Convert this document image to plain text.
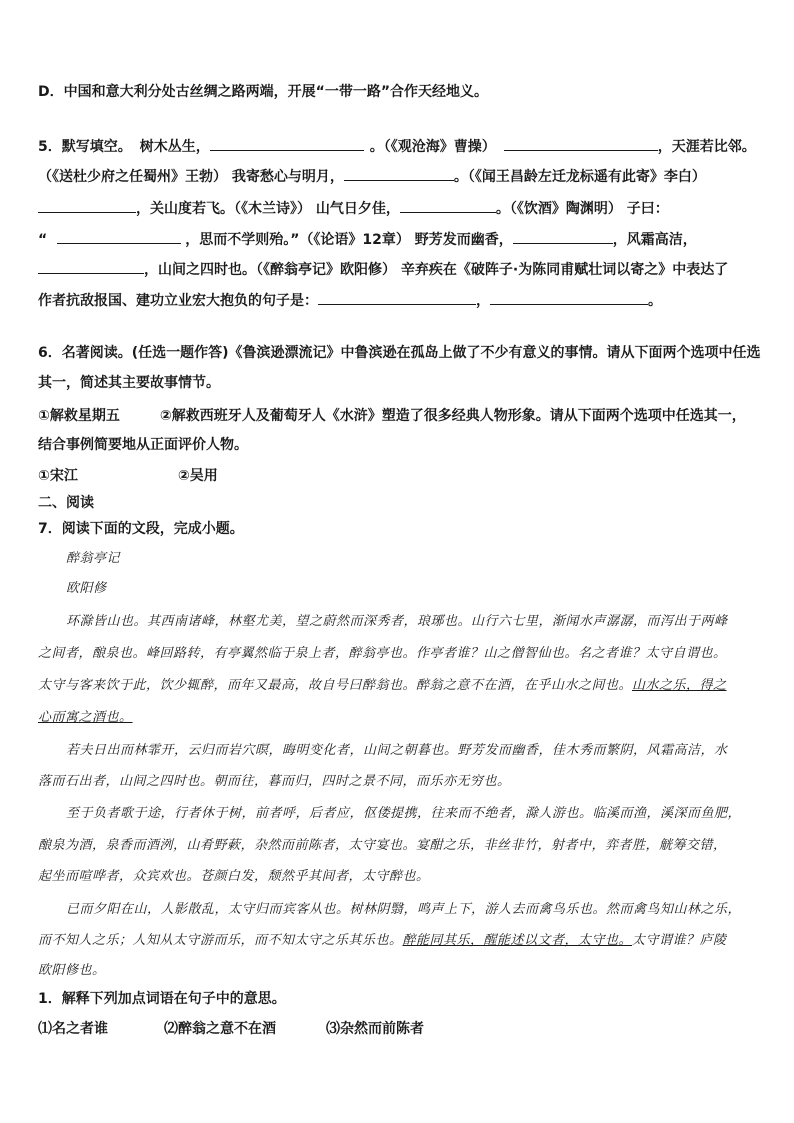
D．中国和意大利分处古丝绸之路两端，开展“一带一路”合作天经地义。
5．默写填空。 树木丛生，	。（《观沧海》曹操）	，天涯若比邻。
（《送杜少府之任蜀州》王勃） 我寄愁心与明月，	。（《闻王昌龄左迁龙标遥有此寄》李白）
，关山度若飞。（《木兰诗》） 山气日夕佳，	。（《饮酒》陶渊明） 子曰：
“	，思而不学则殆。”（《论语》12章） 野芳发而幽香，	，风霜高洁，
，山间之四时也。（《醉翁亭记》欧阳修） 辛弃疾在《破阵子·为陈同甫赋壮词以寄之》中表达了
作者抗敌报国、建功立业宏大抱负的句子是：	，	。
6．名著阅读。(任选一题作答)《鲁滨逊漂流记》中鲁滨逊在孤岛上做了不少有意义的事情。请从下面两个选项中任选
其一，简述其主要故事情节。
①解救星期五	②解救西班牙人及葡萄牙人《水浒》塑造了很多经典人物形象。请从下面两个选项中任选其一，
结合事例简要地从正面评价人物。
①宋江	②吴用
二、阅读
7．阅读下面的文段，完成小题。
醉翁亭记
欧阳修
环滁皆山也。其西南诸峰，林壑尤美，望之蔚然而深秀者，琅琊也。山行六七里，渐闻水声潺潺，而泻出于两峰
之间者，酿泉也。峰回路转，有亭翼然临于泉上者，醉翁亭也。作亭者谁？山之僧智仙也。名之者谁？太守自谓也。
太守与客来饮于此，饮少辄醉，而年又最高，故自号曰醉翁也。醉翁之意不在酒，在乎山水之间也。山水之乐，得之
心而寓之酒也。
若夫日出而林霏开，云归而岩穴暝，晦明变化者，山间之朝暮也。野芳发而幽香，佳木秀而繁阴，风霜高洁，水
落而石出者，山间之四时也。朝而往，暮而归，四时之景不同，而乐亦无穷也。
至于负者歌于途，行者休于树，前者呼，后者应，伛偻提携，往来而不绝者，滁人游也。临溪而渔，溪深而鱼肥，
酿泉为酒，泉香而酒洌，山肴野蔌，杂然而前陈者，太守宴也。宴酣之乐，非丝非竹，射者中，弈者胜，觥筹交错，
起坐而喧哗者，众宾欢也。苍颜白发，颓然乎其间者，太守醉也。
已而夕阳在山，人影散乱，太守归而宾客从也。树林阴翳，鸣声上下，游人去而禽鸟乐也。然而禽鸟知山林之乐，
而不知人之乐；人知从太守游而乐，而不知太守之乐其乐也。醉能同其乐，醒能述以文者，太守也。太守谓谁？庐陵
欧阳修也。
1．解释下列加点词语在句子中的意思。
⑴名之者谁	⑵醉翁之意不在酒	⑶杂然而前陈者
